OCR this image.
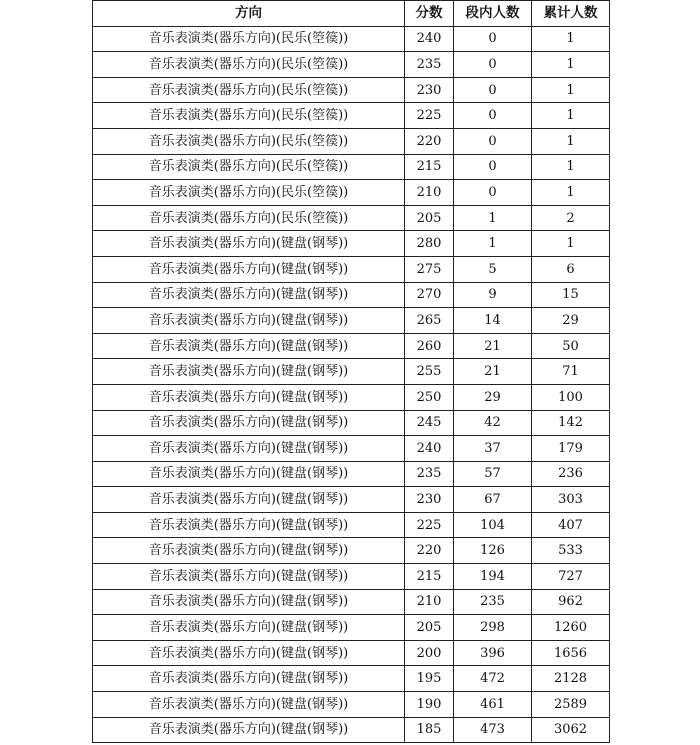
方向	分数	段内人数	累计人数
音乐表演类(器乐方向)(民乐(箜篌))	240	0	1
音乐表演类(器乐方向)(民乐(箜篌))	235	0	1
音乐表演类(器乐方向)(民乐(箜篌))	230	0	1
音乐表演类(器乐方向)(民乐(箜篌))	225	0	1
音乐表演类(器乐方向)(民乐(箜篌))	220	0	1
音乐表演类(器乐方向)(民乐(箜篌))	215	0	1
音乐表演类(器乐方向)(民乐(箜篌))	210	0	1
音乐表演类(器乐方向)(民乐(箜篌))	205	1	2
音乐表演类(器乐方向)(键盘(钢琴))	280	1	1
音乐表演类(器乐方向)(键盘(钢琴))	275	5	6
音乐表演类(器乐方向)(键盘(钢琴))	270	9	15
音乐表演类(器乐方向)(键盘(钢琴))	265	14	29
音乐表演类(器乐方向)(键盘(钢琴))	260	21	50
音乐表演类(器乐方向)(键盘(钢琴))	255	21	71
音乐表演类(器乐方向)(键盘(钢琴))	250	29	100
音乐表演类(器乐方向)(键盘(钢琴))	245	42	142
音乐表演类(器乐方向)(键盘(钢琴))	240	37	179
音乐表演类(器乐方向)(键盘(钢琴))	235	57	236
音乐表演类(器乐方向)(键盘(钢琴))	230	67	303
音乐表演类(器乐方向)(键盘(钢琴))	225	104	407
音乐表演类(器乐方向)(键盘(钢琴))	220	126	533
音乐表演类(器乐方向)(键盘(钢琴))	215	194	727
音乐表演类(器乐方向)(键盘(钢琴))	210	235	962
音乐表演类(器乐方向)(键盘(钢琴))	205	298	1260
音乐表演类(器乐方向)(键盘(钢琴))	200	396	1656
音乐表演类(器乐方向)(键盘(钢琴))	195	472	2128
音乐表演类(器乐方向)(键盘(钢琴))	190	461	2589
音乐表演类(器乐方向)(键盘(钢琴))	185	473	3062
